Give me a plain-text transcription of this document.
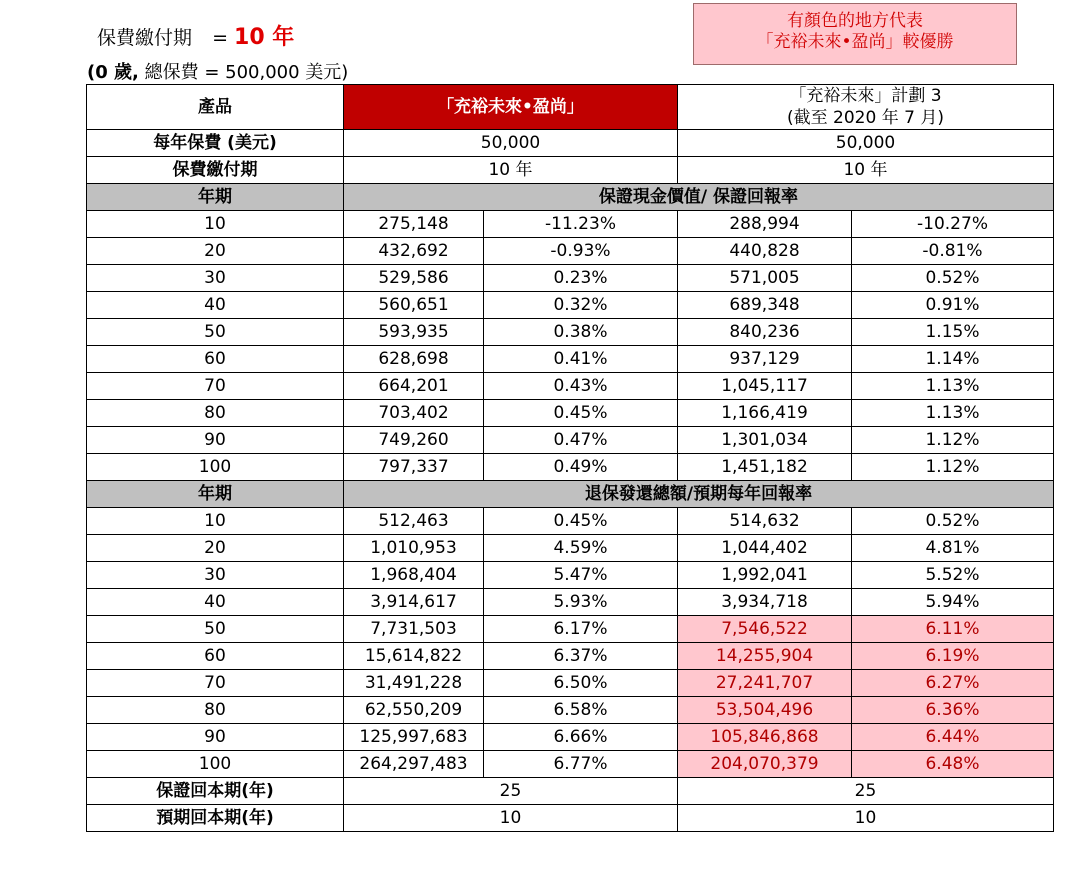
保費繳付期 = 10 年
(0 歲, 總保費 = 500,000 美元)
有顏色的地方代表
「充裕未來•盈尚」較優勝
產品	「充裕未來•盈尚」		「充裕未來」計劃 3
(截至 2020 年 7 月)	

每年保費 (美元)	50,000		50,000	
保費繳付期	10 年		10 年	
年期	保證現金價值/ 保證回報率			
10	275,148	-11.23%	288,994	-10.27%
20	432,692	-0.93%	440,828	-0.81%
30	529,586	0.23%	571,005	0.52%
40	560,651	0.32%	689,348	0.91%
50	593,935	0.38%	840,236	1.15%
60	628,698	0.41%	937,129	1.14%
70	664,201	0.43%	1,045,117	1.13%
80	703,402	0.45%	1,166,419	1.13%
90	749,260	0.47%	1,301,034	1.12%
100	797,337	0.49%	1,451,182	1.12%
年期	退保發還總額/預期每年回報率			
10	512,463	0.45%	514,632	0.52%
20	1,010,953	4.59%	1,044,402	4.81%
30	1,968,404	5.47%	1,992,041	5.52%
40	3,914,617	5.93%	3,934,718	5.94%
50	7,731,503	6.17%	7,546,522	6.11%
60	15,614,822	6.37%	14,255,904	6.19%
70	31,491,228	6.50%	27,241,707	6.27%
80	62,550,209	6.58%	53,504,496	6.36%
90	125,997,683	6.66%	105,846,868	6.44%
100	264,297,483	6.77%	204,070,379	6.48%
保證回本期(年)	25		25	
預期回本期(年)	10		10	
